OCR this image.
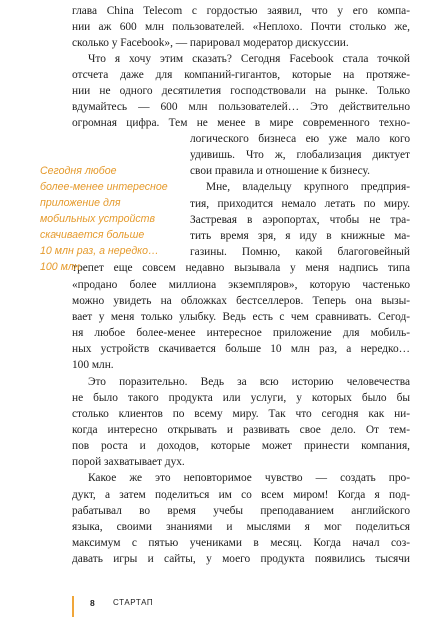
глава China Telecom с гордостью заявил, что у его компа-
нии аж 600 млн пользователей. «Неплохо. Почти столько же,
сколько у Facebook», — парировал модератор дискуссии.
Что я хочу этим сказать? Сегодня Facebook стала точкой
отсчета даже для компаний-гигантов, которые на протяже-
нии не одного десятилетия господствовали на рынке. Только
вдумайтесь — 600 млн пользователей… Это действительно
огромная цифра. Тем не менее в мире современного техно-
логического бизнеса ею уже мало кого
удивишь. Что ж, глобализация диктует
свои правила и отношение к бизнесу.
Мне, владельцу крупного предприя-
тия, приходится немало летать по миру.
Застревая в аэропортах, чтобы не тра-
тить время зря, я иду в книжные ма-
газины. Помню, какой благоговейный
трепет еще совсем недавно вызывала у меня надпись типа
«продано более миллиона экземпляров», которую частенько
можно увидеть на обложках бестселлеров. Теперь она вызы-
вает у меня только улыбку. Ведь есть с чем сравнивать. Сегод-
ня любое более-менее интересное приложение для мобиль-
ных устройств скачивается больше 10 млн раз, а нередко…
100 млн.
Это поразительно. Ведь за всю историю человечества
не было такого продукта или услуги, у которых было бы
столько клиентов по всему миру. Так что сегодня как ни-
когда интересно открывать и развивать свое дело. От тем-
пов роста и доходов, которые может принести компания,
порой захватывает дух.
Какое же это неповторимое чувство — создать про-
дукт, а затем поделиться им со всем миром! Когда я под-
рабатывал во время учебы преподаванием английского
языка, своими знаниями и мыслями я мог поделиться
максимум с пятью учениками в месяц. Когда начал соз-
давать игры и сайты, у моего продукта появились тысячи
Сегодня любое
более-менее интересное
приложение для
мобильных устройств
скачивается больше
10 млн раз, а нередко…
100 млн.
8 СТАРТАП
